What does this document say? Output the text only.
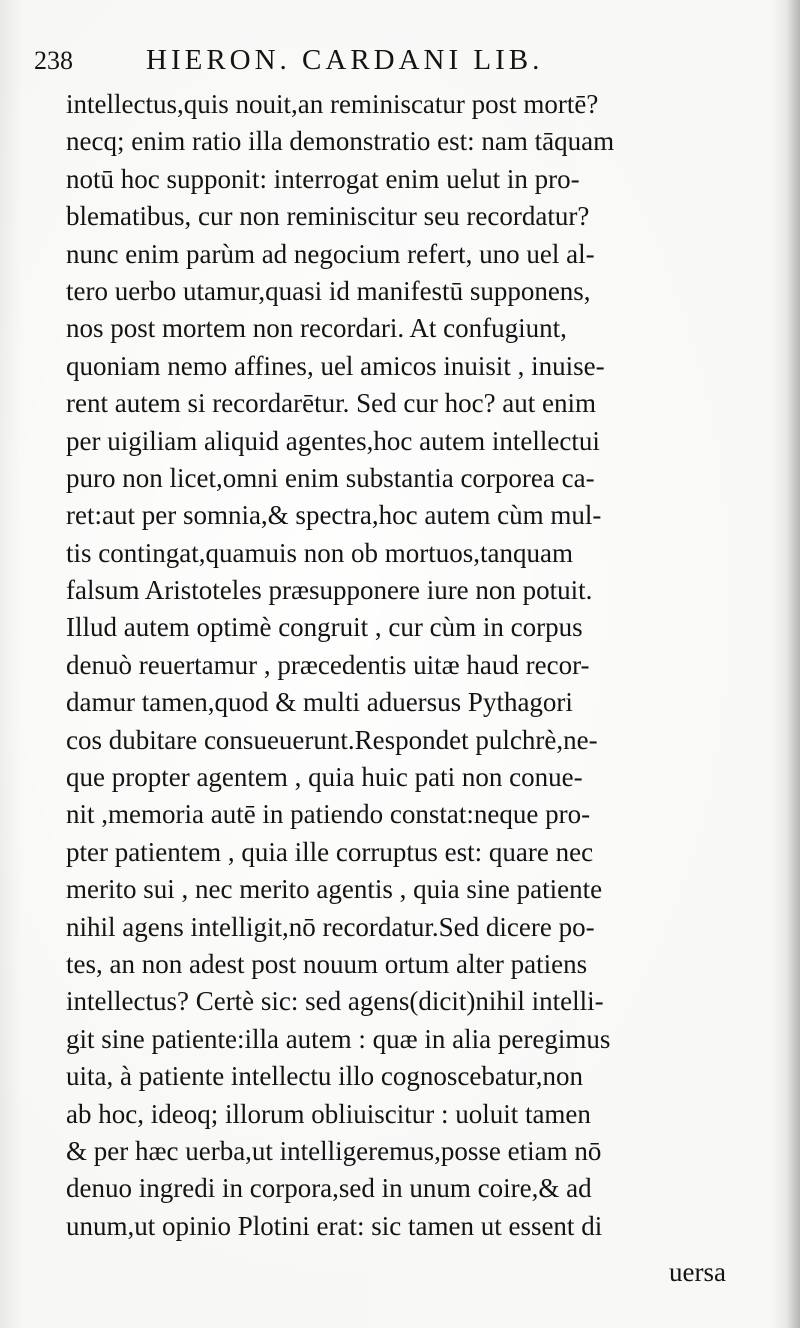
238	HIERON. CARDANI LIB.
intellectus,quis nouit,an reminiscatur post mortē?
necq; enim ratio illa demonstratio est: nam tāquam
notū hoc supponit: interrogat enim uelut in pro-
blematibus, cur non reminiscitur seu recordatur?
nunc enim parùm ad negocium refert, uno uel al-
tero uerbo utamur,quasi id manifestū supponens,
nos post mortem non recordari. At confugiunt,
quoniam nemo affines, uel amicos inuisit , inuise-
rent autem si recordarētur. Sed cur hoc? aut enim
per uigiliam aliquid agentes,hoc autem intellectui
puro non licet,omni enim substantia corporea ca-
ret:aut per somnia,& spectra,hoc autem cùm mul-
tis contingat,quamuis non ob mortuos,tanquam
falsum Aristoteles præsupponere iure non potuit.
Illud autem optimè congruit , cur cùm in corpus
denuò reuertamur , præcedentis uitæ haud recor-
damur tamen,quod & multi aduersus Pythagori
cos dubitare consueuerunt.Respondet pulchrè,ne-
que propter agentem , quia huic pati non conue-
nit ,memoria autē in patiendo constat:neque pro-
pter patientem , quia ille corruptus est: quare nec
merito sui , nec merito agentis , quia sine patiente
nihil agens intelligit,nō recordatur.Sed dicere po-
tes, an non adest post nouum ortum alter patiens
intellectus? Certè sic: sed agens(dicit)nihil intelli-
git sine patiente:illa autem : quæ in alia peregimus
uita, à patiente intellectu illo cognoscebatur,non
ab hoc, ideoq; illorum obliuiscitur : uoluit tamen
& per hæc uerba,ut intelligeremus,posse etiam nō
denuo ingredi in corpora,sed in unum coire,& ad
unum,ut opinio Plotini erat: sic tamen ut essent di
uersa
